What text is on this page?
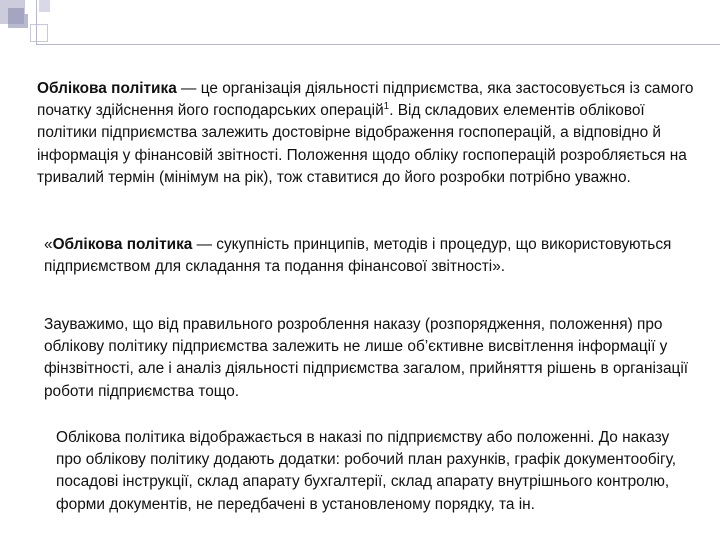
Облікова політика — це організація діяльності підприємства, яка застосовується із самого початку здійснення його господарських операцій$^1$. Від складових елементів облікової політики підприємства залежить достовірне відображення госпоперацій, а відповідно й інформація у фінансовій звітності. Положення щодо обліку госпоперацій розробляється на тривалий термін (мінімум на рік), тож ставитися до його розробки потрібно уважно.
«Облікова політика — сукупність принципів, методів і процедур, що використовуються підприємством для складання та подання фінансової звітності».
Зауважимо, що від правильного розроблення наказу (розпорядження, положення) про облікову політику підприємства залежить не лише об’єктивне висвітлення інформації у фінзвітності, але і аналіз діяльності підприємства загалом, прийняття рішень в організації роботи підприємства тощо.
Облікова політика відображається в наказі по підприємству або положенні. До наказу про облікову політику додають додатки: робочий план рахунків, графік документообігу, посадові інструкції, склад апарату бухгалтерії, склад апарату внутрішнього контролю, форми документів, не передбачені в установленому порядку, та ін.
